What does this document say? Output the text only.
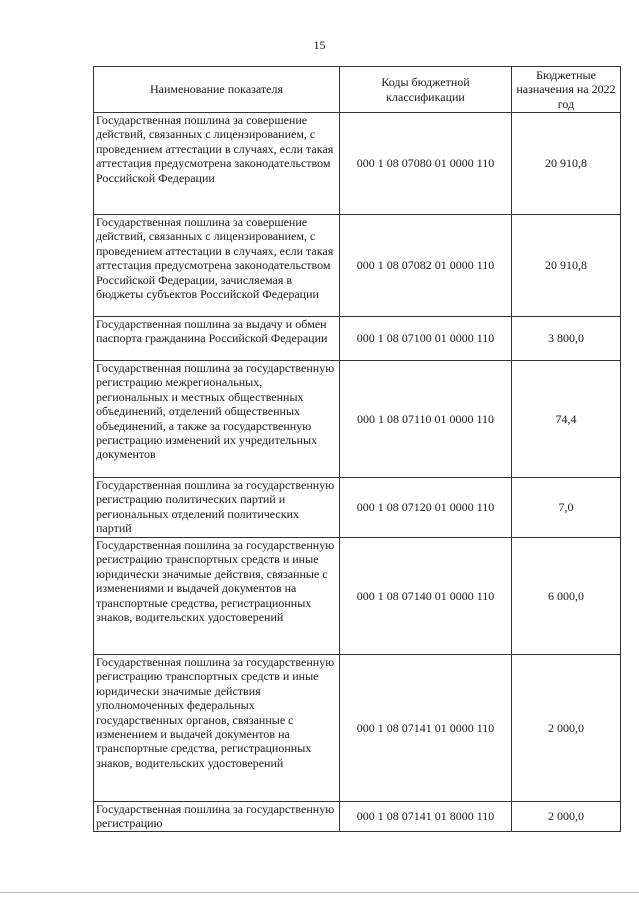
15
Наименование показателя	Коды бюджетной классификации	Бюджетные назначения на 2022 год
Государственная пошлина за совершение действий, связанных с лицензированием, с проведением аттестации в случаях, если такая аттестация предусмотрена законодательством Российской Федерации	000 1 08 07080 01 0000 110	20 910,8
Государственная пошлина за совершение действий, связанных с лицензированием, с проведением аттестации в случаях, если такая аттестация предусмотрена законодательством Российской Федерации, зачисляемая в бюджеты субъектов Российской Федерации	000 1 08 07082 01 0000 110	20 910,8
Государственная пошлина за выдачу и обмен паспорта гражданина Российской Федерации	000 1 08 07100 01 0000 110	3 800,0
Государственная пошлина за государственную регистрацию межрегиональных, региональных и местных общественных объединений, отделений общественных объединений, а также за государственную регистрацию изменений их учредительных документов	000 1 08 07110 01 0000 110	74,4
Государственная пошлина за государственную регистрацию политических партий и региональных отделений политических партий	000 1 08 07120 01 0000 110	7,0
Государственная пошлина за государственную регистрацию транспортных средств и иные юридически значимые действия, связанные с изменениями и выдачей документов на транспортные средства, регистрационных знаков, водительских удостоверений	000 1 08 07140 01 0000 110	6 000,0
Государственная пошлина за государственную регистрацию транспортных средств и иные юридически значимые действия уполномоченных федеральных государственных органов, связанные с изменением и выдачей документов на транспортные средства, регистрационных знаков, водительских удостоверений	000 1 08 07141 01 0000 110	2 000,0
Государственная пошлина за государственную регистрацию	000 1 08 07141 01 8000 110	2 000,0
